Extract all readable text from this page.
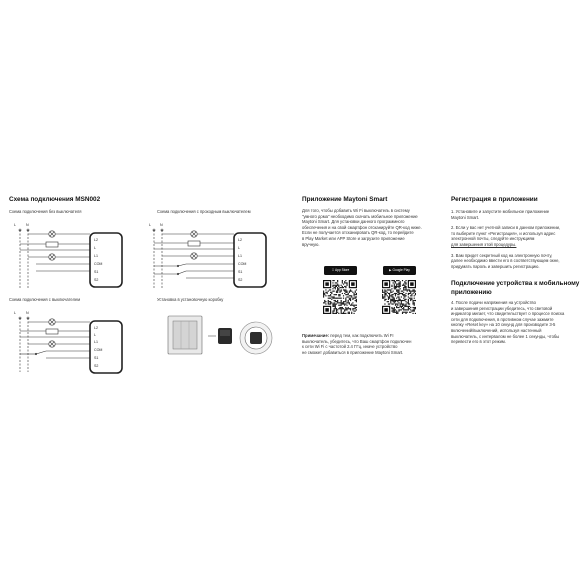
Схема подключения MSN002
Схема подключения без выключателя	Схема подключения с проходным выключателем
Схема подключения с выключателем	Установка в установочную коробку
L	N
L2
L
L1
COM
S1
S2
L	N
L2
L
L1
COM
S1
S2
L	N
L2
L
L1
COM
S1
S2
Приложение Maytoni Smart
Для того, чтобы добавить Wi Fi выключатель в систему
"умного дома" необходимо скачать мобильное приложение
Maytoni Smart. Для установки данного программного
обеспечения и на свой смартфон отсканируйте QR-код ниже.
Если не получается отсканировать QR-код, то перейдите
в Play Market или APP Store и загрузите приложение
вручную.
App Store	▶ Google Play
Примечание: перед тем, как подключить Wi FI
выключатель, убедитесь, что Ваш смартфон подключен
к сети Wi Fi с частотой 2.4 ГГц, иначе устройство
не сможет добавиться в приложение Maytoni Smart.
Регистрация в приложении
1. Установите и запустите мобильное приложение
Maytoni Smart.
2. Если у вас нет учетной записи в данном приложении,
то выберите пункт «Регистрация», и используя адрес
электронной почты, следуйте инструкциям
для завершения этой процедуры.
3. Вам придет секретный код на электронную почту,
далее необходимо ввести его в соответствующем окне,
придумать пароль и завершить регистрацию.
Подключение устройства к мобильному
приложению
4. После подачи напряжения на устройство
и завершения регистрации убедитесь, что световой
индикатор мигает, что свидетельствует о процессе поиска
сети для подключения, в противном случае зажмите
кнопку «Reset key» на 10 секунд для производите 3-5
включений/выключений, используя настенный
выключатель, с интервалом не более 1 секунды, чтобы
перевести его в этот режим.
